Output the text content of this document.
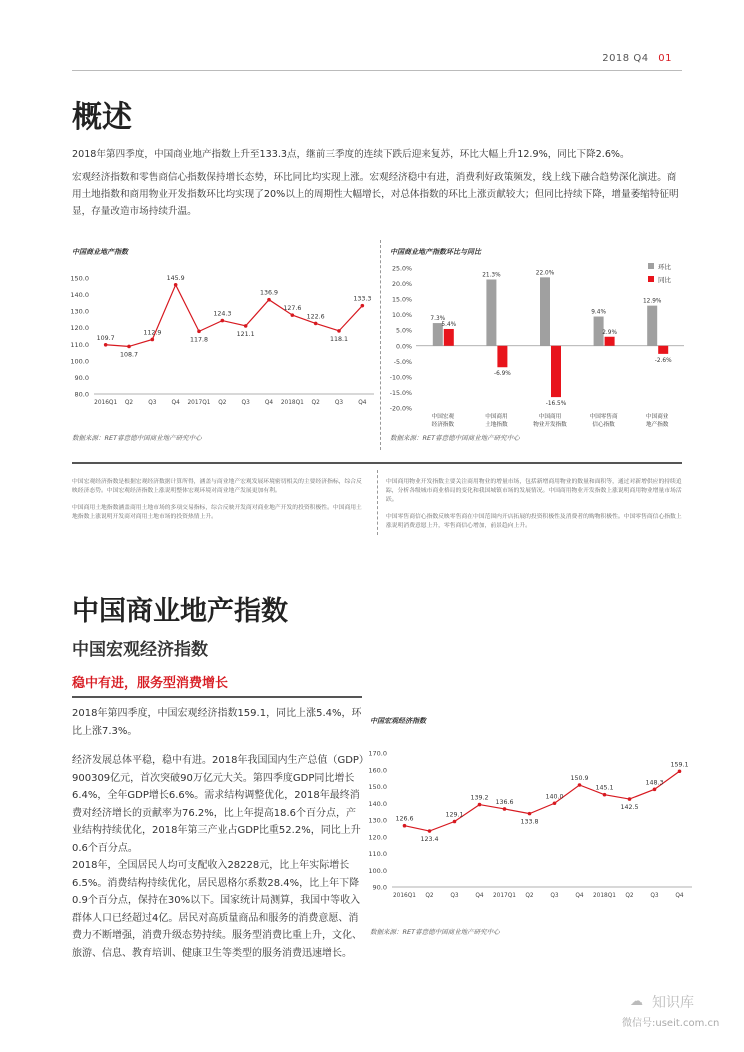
2018 Q4 01
概述

2018年第四季度，中国商业地产指数上升至133.3点，继前三季度的连续下跌后迎来复苏，环比大幅上升12.9%，同比下降2.6%。

宏观经济指数和零售商信心指数保持增长态势，环比同比均实现上涨。宏观经济稳中有进，消费利好政策频发，线上线下融合趋势深化演进。商用土地指数和商用物业开发指数环比均实现了20%以上的周期性大幅增长，对总体指数的环比上涨贡献较大；但同比持续下降，增量萎缩特征明显，存量改造市场持续升温。

中国商业地产指数
80.0
90.0
100.0
110.0
120.0
130.0
140.0
150.0
2016Q1 Q2	Q3	Q4 2017Q1 Q2	Q3	Q4 2018Q1 Q2	Q3	Q4
109.7
108.7
112.9
145.9
117.8
124.3
121.1
136.9
127.6
122.6
118.1
133.3
数据来源：RET睿意德中国商业地产研究中心
中国商业地产指数环比与同比
25.0%
20.0%
15.0%
10.0%
5.0%
0.0%
-5.0%
-10.0%
-15.0%
-20.0%
7.3%
5.4%
中国宏观
经济指数
21.3%
-6.9%
中国商用
土地指数
22.0%
-16.5%
中国商用
物业开发指数
9.4%
2.9%
中国零售商
信心指数
12.9%
-2.6%
中国商业
地产指数
环比
同比
数据来源：RET睿意德中国商业地产研究中心

中国宏观经济指数是根据宏观经济数据计算所得，涵盖与商业地产宏观发展环境密切相关的主要经济指标，综合反映经济态势。中国宏观经济指数上涨说明整体宏观环境对商业地产发展更加有利。

中国商用土地指数涵盖商用土地市场的多项交易指标，综合反映开发商对商业地产开发的投资积极性。中国商用土地指数上涨说明开发商对商用土地市场的投资热情上升。

中国商用物业开发指数主要关注商用物业的增量市场，包括新增商用物业的数量和面积等，通过对新增供应的持续追踪，分析各级城市商业格局的变化和我国城镇市场的发展情况。中国商用物业开发指数上涨说明商用物业增量市场活跃。

中国零售商信心指数反映零售商在中国范围内开店拓展的投资积极性及消费者的购物积极性。中国零售商信心指数上涨说明消费意愿上升，零售商信心增加，前景趋向上升。

中国商业地产指数
中国宏观经济指数
稳中有进，服务型消费增长

2018年第四季度，中国宏观经济指数159.1，同比上涨5.4%，环比上涨7.3%。

经济发展总体平稳，稳中有进。2018年我国国内生产总值（GDP）900309亿元，首次突破90万亿元大关。第四季度GDP同比增长6.4%，全年GDP增长6.6%。需求结构调整优化，2018年最终消费对经济增长的贡献率为76.2%，比上年提高18.6个百分点，产业结构持续优化，2018年第三产业占GDP比重52.2%，同比上升0.6个百分点。

2018年，全国居民人均可支配收入28228元，比上年实际增长6.5%。消费结构持续优化，居民恩格尔系数28.4%，比上年下降0.9个百分点，保持在30%以下。国家统计局测算，我国中等收入群体人口已经超过4亿。居民对高质量商品和服务的消费意愿、消费力不断增强，消费升级态势持续。服务型消费比重上升，文化、旅游、信息、教育培训、健康卫生等类型的服务消费迅速增长。

中国宏观经济指数
90.0
100.0
110.0
120.0
130.0
140.0
150.0
160.0
170.0
2016Q1 Q2	Q3	Q4 2017Q1 Q2	Q3	Q4 2018Q1 Q2	Q3	Q4
126.6
123.4
129.1
139.2
136.6
133.8
140.0
150.9
145.1
142.5
148.3
159.1
数据来源：RET睿意德中国商业地产研究中心
知识库
☁
微信号:useit.com.cn
